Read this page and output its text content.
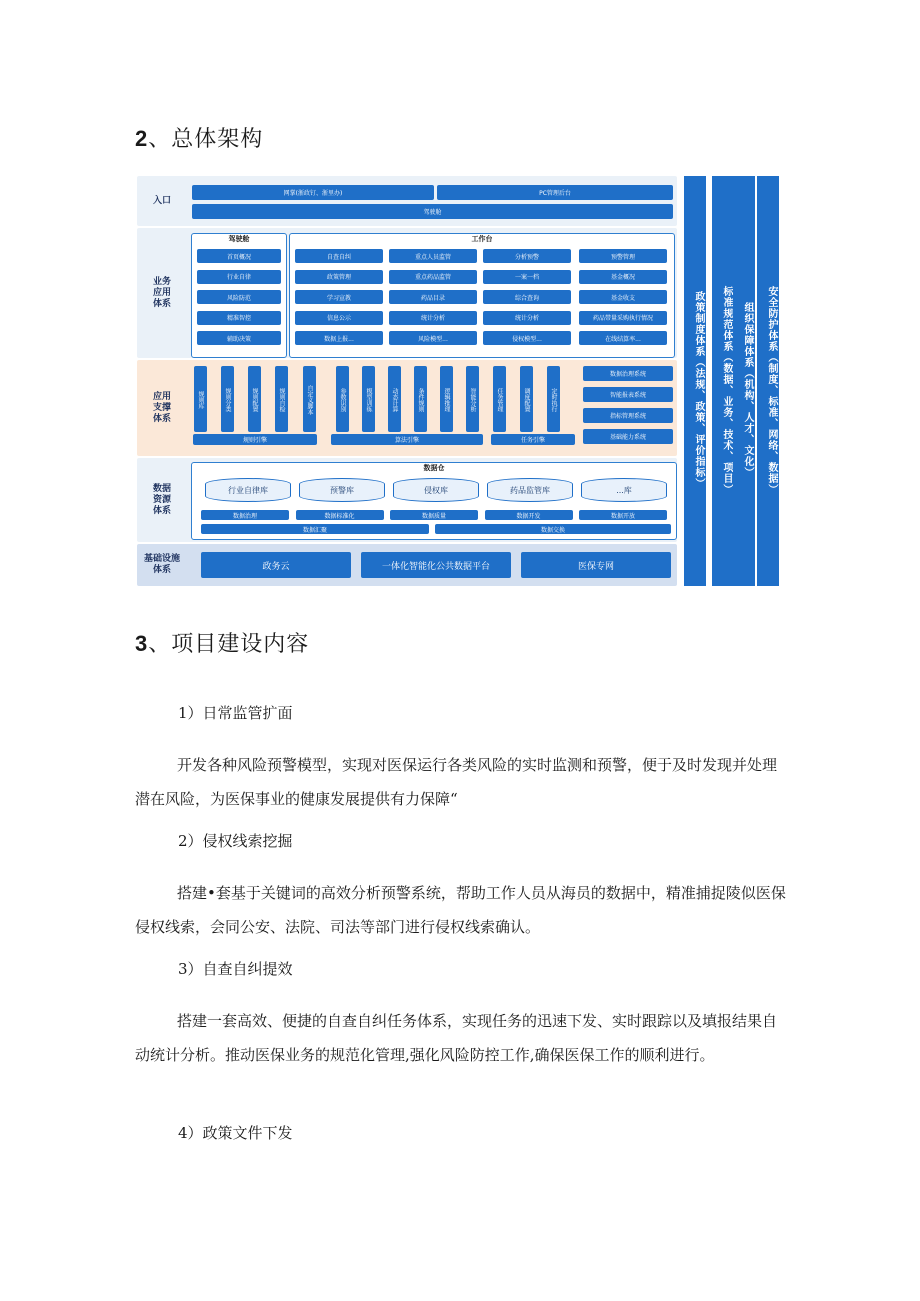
2、总体架构
入口
业务应用体系
应用支撑体系
数据资源体系
基础设施体系
网掌(浙政钉、浙里办)	PC管理后台
驾驶舱
驾驶舱	工作台
规则引擎	算法引擎	任务引擎
数据治理系统
智能报表系统
指标管理系统
基础能力系统
数据仓
行业自律库	预警库	侵权库	药品监管库	...库
数据汇聚	数据交换
政务云	一体化智能化公共数据平台	医保专网
政策制度体系（法规、政策、评价指标）	标准规范体系（数据、业务、技术、项目）	组织保障体系（机构、人才、文化）	安全防护体系（制度、标准、网络、数据）
首页概况
行业自律
风险防范
精准智控
辅助决策
自查自纠
政策管理
学习宣教
信息公示
数据上报...
重点人员监管
重点药品监管
药品目录
统计分析
风险模型...
分析预警
一案一档
综合查询
统计分析
侵权模型...
预警管理
基金概况
基金收支
药品带量采购执行情况
在线结算率...
规则库	规则分类	规则配置	规则自检	自定义脚本	参数识别	模型训练	动态计算	条件规则	逻辑推理	智能分析	任务管理	调度配置	定时执行
数据治理	数据标准化	数据质量	数据开发	数据开放
3、项目建设内容
1）日常监管扩面
开发各种风险预警模型，实现对医保运行各类风险的实时监测和预警，便于及时发现并处理潜在风险，为医保事业的健康发展提供有力保障“
2）侵权线索挖掘
搭建•套基于关键词的高效分析预警系统，帮助工作人员从海员的数据中，精准捕捉陵似医保侵权线索，会同公安、法院、司法等部门进行侵权线索确认。
3）自查自纠提效
搭建一套高效、便捷的自查自纠任务体系，实现任务的迅速下发、实时跟踪以及填报结果自动统计分析。推动医保业务的规范化管理,强化风险防控工作,确保医保工作的顺利进行。
4）政策文件下发
